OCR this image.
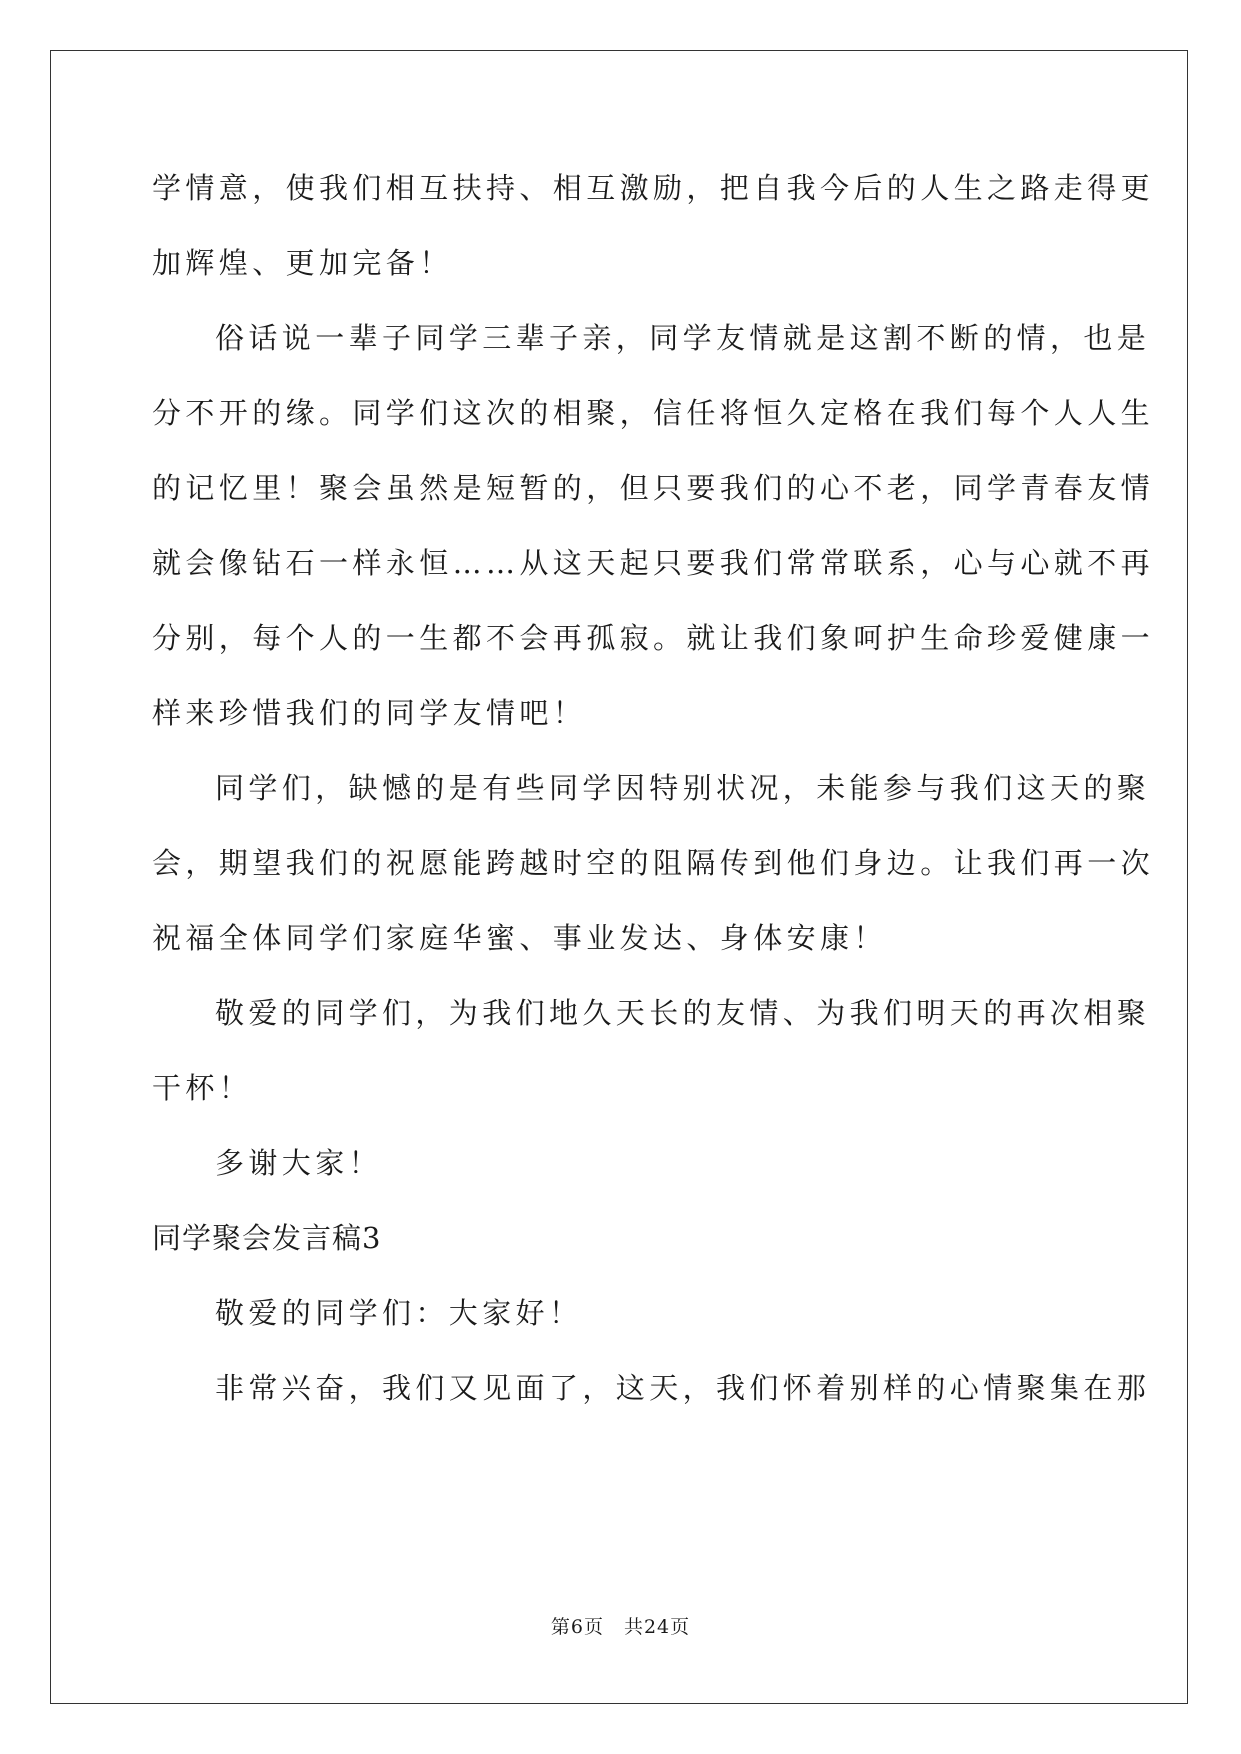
学情意，使我们相互扶持、相互激励，把自我今后的人生之路走得更
加辉煌、更加完备！
俗话说一辈子同学三辈子亲，同学友情就是这割不断的情，也是
分不开的缘。同学们这次的相聚，信任将恒久定格在我们每个人人生
的记忆里！聚会虽然是短暂的，但只要我们的心不老，同学青春友情
就会像钻石一样永恒……从这天起只要我们常常联系，心与心就不再
分别，每个人的一生都不会再孤寂。就让我们象呵护生命珍爱健康一
样来珍惜我们的同学友情吧！
同学们，缺憾的是有些同学因特别状况，未能参与我们这天的聚
会，期望我们的祝愿能跨越时空的阻隔传到他们身边。让我们再一次
祝福全体同学们家庭华蜜、事业发达、身体安康！
敬爱的同学们，为我们地久天长的友情、为我们明天的再次相聚
干杯！
多谢大家！
同学聚会发言稿3
敬爱的同学们：大家好！
非常兴奋，我们又见面了，这天，我们怀着别样的心情聚集在那
第6页　共24页
